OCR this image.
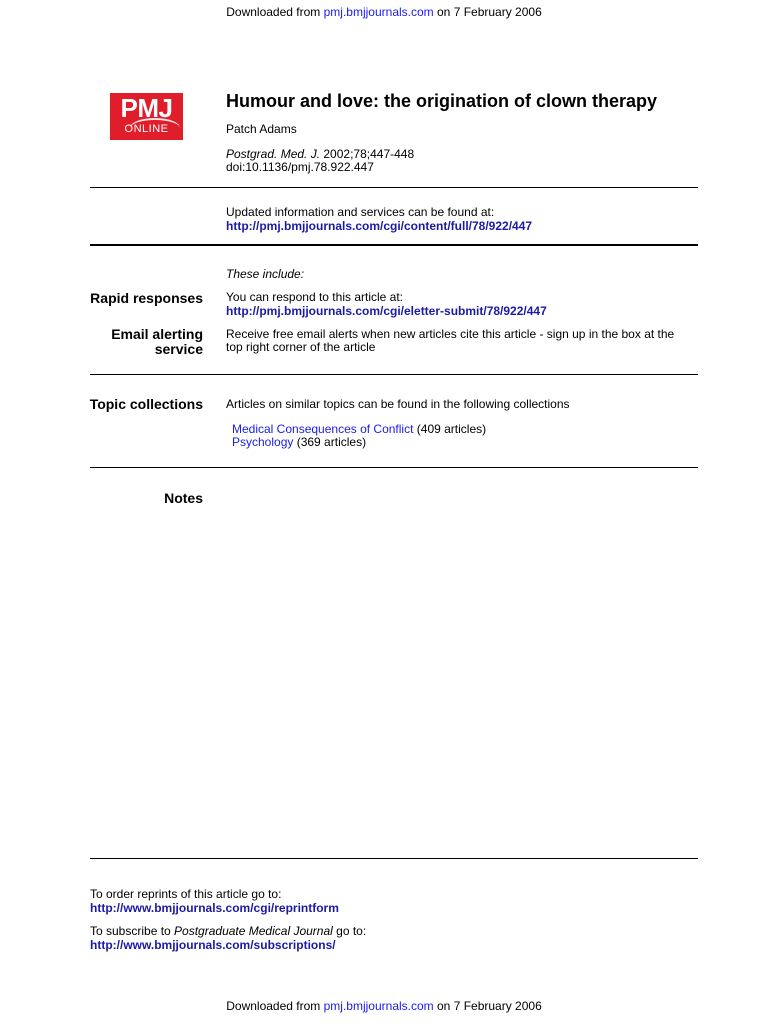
Downloaded from pmj.bmjjournals.com on 7 February 2006
PMJ
ONLINE
Humour and love: the origination of clown therapy
Patch Adams
Postgrad. Med. J. 2002;78;447-448
doi:10.1136/pmj.78.922.447
Updated information and services can be found at:
http://pmj.bmjjournals.com/cgi/content/full/78/922/447
These include:
Rapid responses You can respond to this article at:
http://pmj.bmjjournals.com/cgi/eletter-submit/78/922/447
Email alerting
service
Receive free email alerts when new articles cite this article - sign up in the box at the
top right corner of the article
Topic collections Articles on similar topics can be found in the following collections
Medical Consequences of Conflict (409 articles)
Psychology (369 articles)
Notes
To order reprints of this article go to:
http://www.bmjjournals.com/cgi/reprintform
To subscribe to Postgraduate Medical Journal go to:
http://www.bmjjournals.com/subscriptions/
Downloaded from pmj.bmjjournals.com on 7 February 2006
